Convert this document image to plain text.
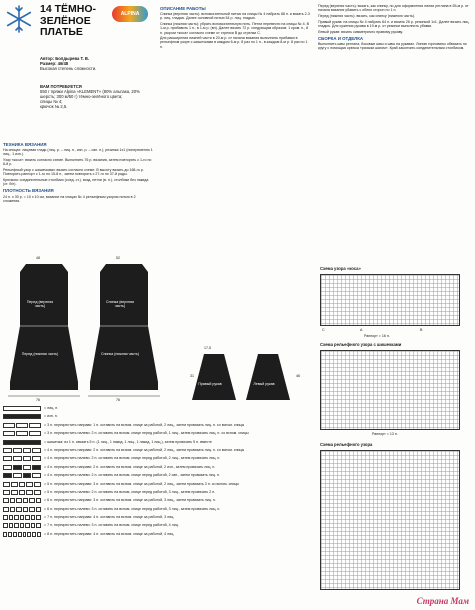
14 ТЁМНО-ЗЕЛЁНОЕ ПЛАТЬЕ
ALPINA
Автор: Болдырева Т. В.
Размер: 46/48
Высокая степень сложности.
ВАМ ПОТРЕБУЕТСЯ
550 г пряжи Alpina «KLEMENT» (80% альпака, 20% шерсть; 300 м/50 г) тёмно-зелёного цвета;
спицы № 4;
крючок № 2,5.
ТЕХНИКА ВЯЗАНИЯ
На спицах: лицевая гладь (лиц. р. – лиц. п., изн. р. – изн. п.), резинка 1х1 (попеременно 1 лиц., 1 изн.).
Узор «коса»: вязать согласно схеме. Выполнить 76 р. вязания, затем повторять с 1-го по 8-й р.
Рельефный узор с шишечками: вязать согласно схеме. В высоту вязать до 168-го р. Повторять раппорт с 1-го по 15-й п., затем повторять с 27-го по 37-й ряды.
Крючком: соединительные столбики (соед. ст.), возд. петли (в. п.), столбики без накида (ст. б/н).
ПЛОТНОСТЬ ВЯЗАНИЯ
24 п. x 30 р. = 10 x 10 см, вязание на спицах № 4 рельефным узором нитью в 2 сложения.
Перед (верхняя часть)
Перед (нижняя часть)
48
76
Спинка (верхняя часть)
Спинка (нижняя часть)
52
76
ОПИСАНИЕ РАБОТЫ
Спинка (верхняя часть): вспомогательной нитью на спицы № 4 набрать 88 п. и вязать 2-3 р. лиц. гладью. Далее основной нитью 54 р. лиц. гладью.
Спинка (нижняя часть): убрать вспомогательную нить. Петли перевести на спицы № 4. В 1-м р. прибавить 1 п., в 1-м р. (вн). Далее вязать 72 р. следующим образом: 1 кром. п., 8 п. узором «коса» согласно схеме от стрелки В до стрелки С.
Для расширения нижней части в 20-м р. от начала вязания выполнить прибавки в рельефном узоре с шишечками в каждом 6-м р. 8 раз по 1 п., в каждом 8-м р. 8 раз по 1 п.
Правый рукав	Левый рукав
17,5
31	46
Перед (верхняя часть): вязать, как спинку, но для оформления линии реглана в 55-м р. от начала вязания убавить с обеих сторон по 1 п.
Перед (нижняя часть): вязать, как спинку (нижнюю часть).
Правый рукав: на спицы № 4 набрать 64 п. и вязать 26 р. резинкой 1х1. Далее вязать лиц. гладью. Для сужения рукава в 19-м р. от резинки выполнить убавки.
Левый рукав: вязать симметрично правому рукаву.
СБОРКА И ОТДЕЛКА
Выполнить швы реглана, боковые швы и швы на рукавах. Линию горловины обвязать по кругу с помощью крючка «рачьим шагом». Край закончить соединительным столбиком.
Схема узора «коса»
C	A	B
Раппорт = 16 п.
Схема рельефного узора с шишечками
Раппорт = 13 п.
Схема рельефного узора
= лиц. п.
= изн. п.
= 3 п. перекрестить направо: 1 п. оставить на вспом. спице за работой, 2 лиц., затем провязать лиц. п. со вспом. спицы
= 3 п. перекрестить налево: 2 п. оставить на вспом. спице перед работой, 1 лиц., затем провязать лиц. п. со вспом. спицы
= шишечка: из 1 п. связать 5 п. (1 лиц., 1 накид, 1 лиц., 1 накид, 1 лиц.), затем провязать 5 п. вместе
= 4 п. перекрестить направо: 2 п. оставить на вспом. спице за работой, 2 лиц., затем провязать лиц. п. со вспом. спицы
= 4 п. перекрестить налево: 2 п. оставить на вспом. спице перед работой, 2 лиц., затем провязать лиц. п.
= 4 п. перекрестить направо: 2 п. оставить на вспом. спице за работой, 2 изн., затем провязать лиц. п.
= 4 п. перекрестить налево: 2 п. оставить на вспом. спице перед работой, 2 изн., затем провязать лиц. п.
= 5 п. перекрестить направо: 3 п. оставить на вспом. спице за работой, 2 лиц., затем провязать 3 п. со вспом. спицы
= 5 п. перекрестить налево: 2 п. оставить на вспом. спице перед работой, 3 лиц., затем провязать 2 п.
= 6 п. перекрестить направо: 3 п. оставить на вспом. спице за работой, 3 лиц., затем провязать лиц. п.
= 6 п. перекрестить налево: 3 п. оставить на вспом. спице перед работой, 3 лиц., затем провязать лиц. п.
= 7 п. перекрестить направо: 4 п. оставить на вспом. спице за работой, 3 лиц.
= 7 п. перекрестить налево: 3 п. оставить на вспом. спице перед работой, 4 лиц.
= 8 п. перекрестить направо: 4 п. оставить на вспом. спице за работой, 4 лиц.
Страна Мам
